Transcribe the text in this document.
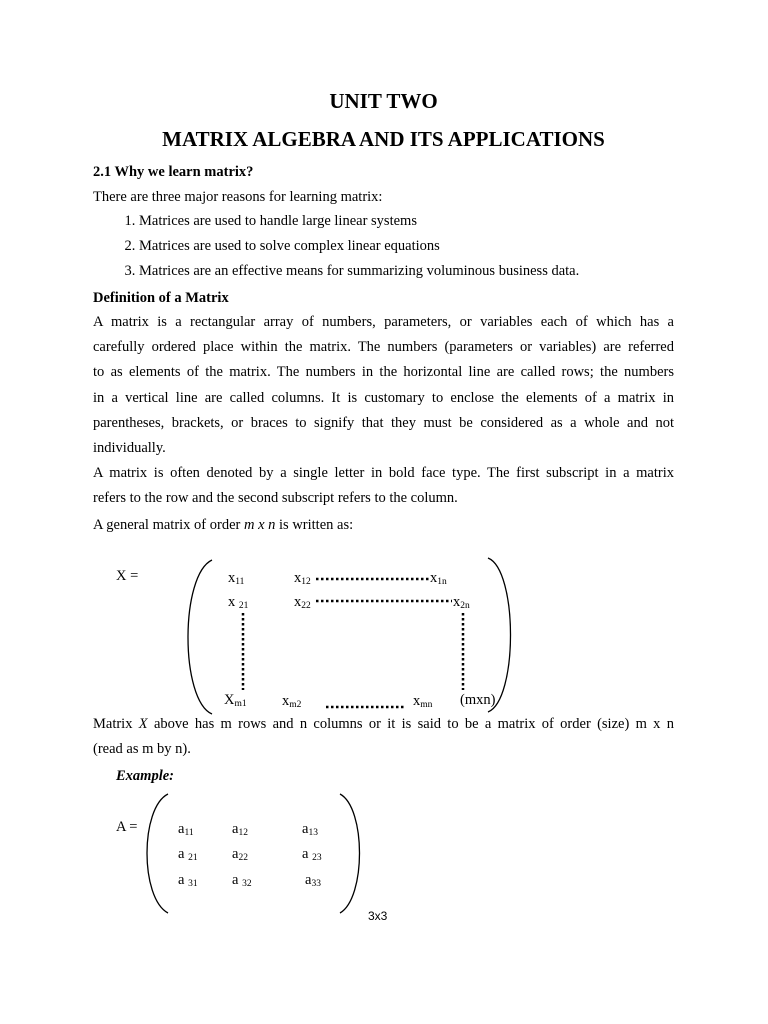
UNIT TWO
MATRIX ALGEBRA AND ITS APPLICATIONS
2.1 Why we learn matrix?
There are three major reasons for learning matrix:
1. Matrices are used to handle large linear systems
2. Matrices are used to solve complex linear equations
3. Matrices are an effective means for summarizing voluminous business data.
Definition of a Matrix
A matrix is a rectangular array of numbers, parameters, or variables each of which has a
carefully ordered place within the matrix. The numbers (parameters or variables) are referred
to as elements of the matrix. The numbers in the horizontal line are called rows; the numbers
in a vertical line are called columns. It is customary to enclose the elements of a matrix in
parentheses, brackets, or braces to signify that they must be considered as a whole and not
individually.
A matrix is often denoted by a single letter in bold face type. The first subscript in a matrix
refers to the row and the second subscript refers to the column.
A general matrix of order m x n is written as:
X =	$x_{11}$	$x_{12}$	$x_{1n}$
x $_{21}$	$x_{22}$	$x_{2n}$
$X_{m1}$ $x_{m2}$	$x_{mn}$ (mxn)
Matrix X above has m rows and n columns or it is said to be a matrix of order (size) m x n
(read as m by n).
Example:
A =	$a_{11}$	$a_{12}$	$a_{13}$
a $_{21}$ $a_{22}$	a $_{23}$
a $_{31}$ a $_{32}$	$a_{33}$
3x3
